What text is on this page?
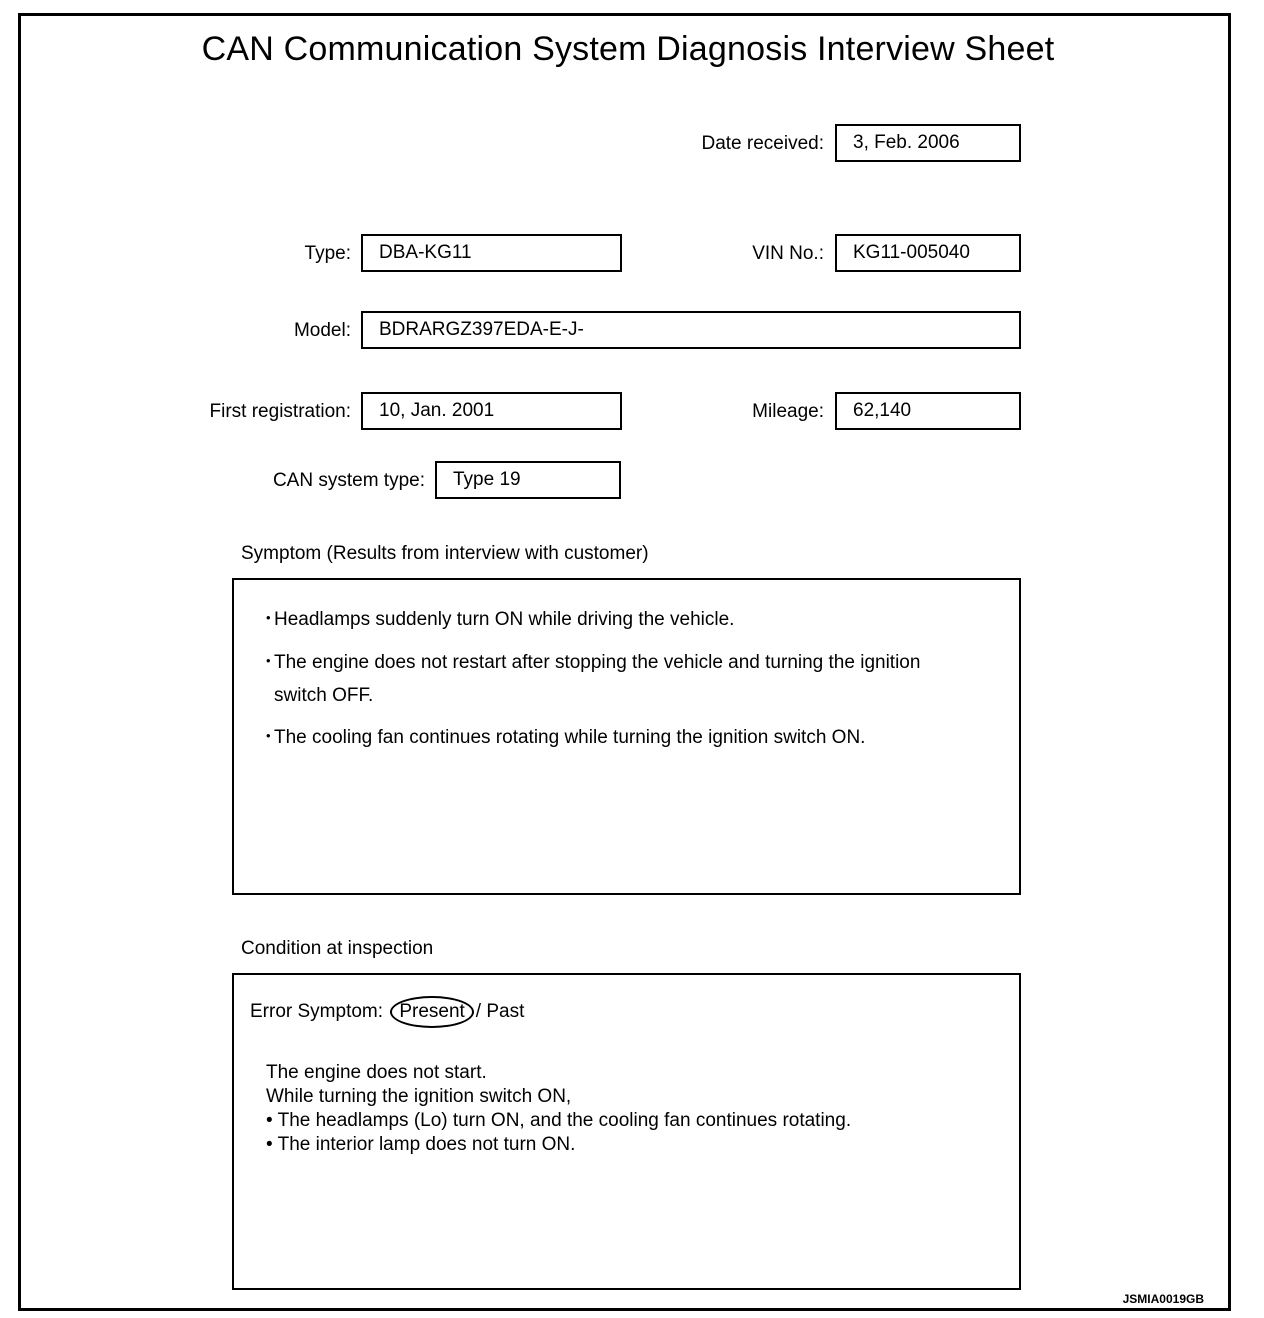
CAN Communication System Diagnosis Interview Sheet
Date received:	3, Feb. 2006
Type:	DBA-KG11	VIN No.:	KG11-005040
Model:	BDRARGZ397EDA-E-J-
First registration:	10, Jan. 2001	Mileage:	62,140
CAN system type:	Type 19
Symptom (Results from interview with customer)
• Headlamps suddenly turn ON while driving the vehicle.
• The engine does not restart after stopping the vehicle and turning the ignition
switch OFF.
• The cooling fan continues rotating while turning the ignition switch ON.
Condition at inspection
Error Symptom: Present / Past
The engine does not start.
While turning the ignition switch ON,
• The headlamps (Lo) turn ON, and the cooling fan continues rotating.
• The interior lamp does not turn ON.
JSMIA0019GB
